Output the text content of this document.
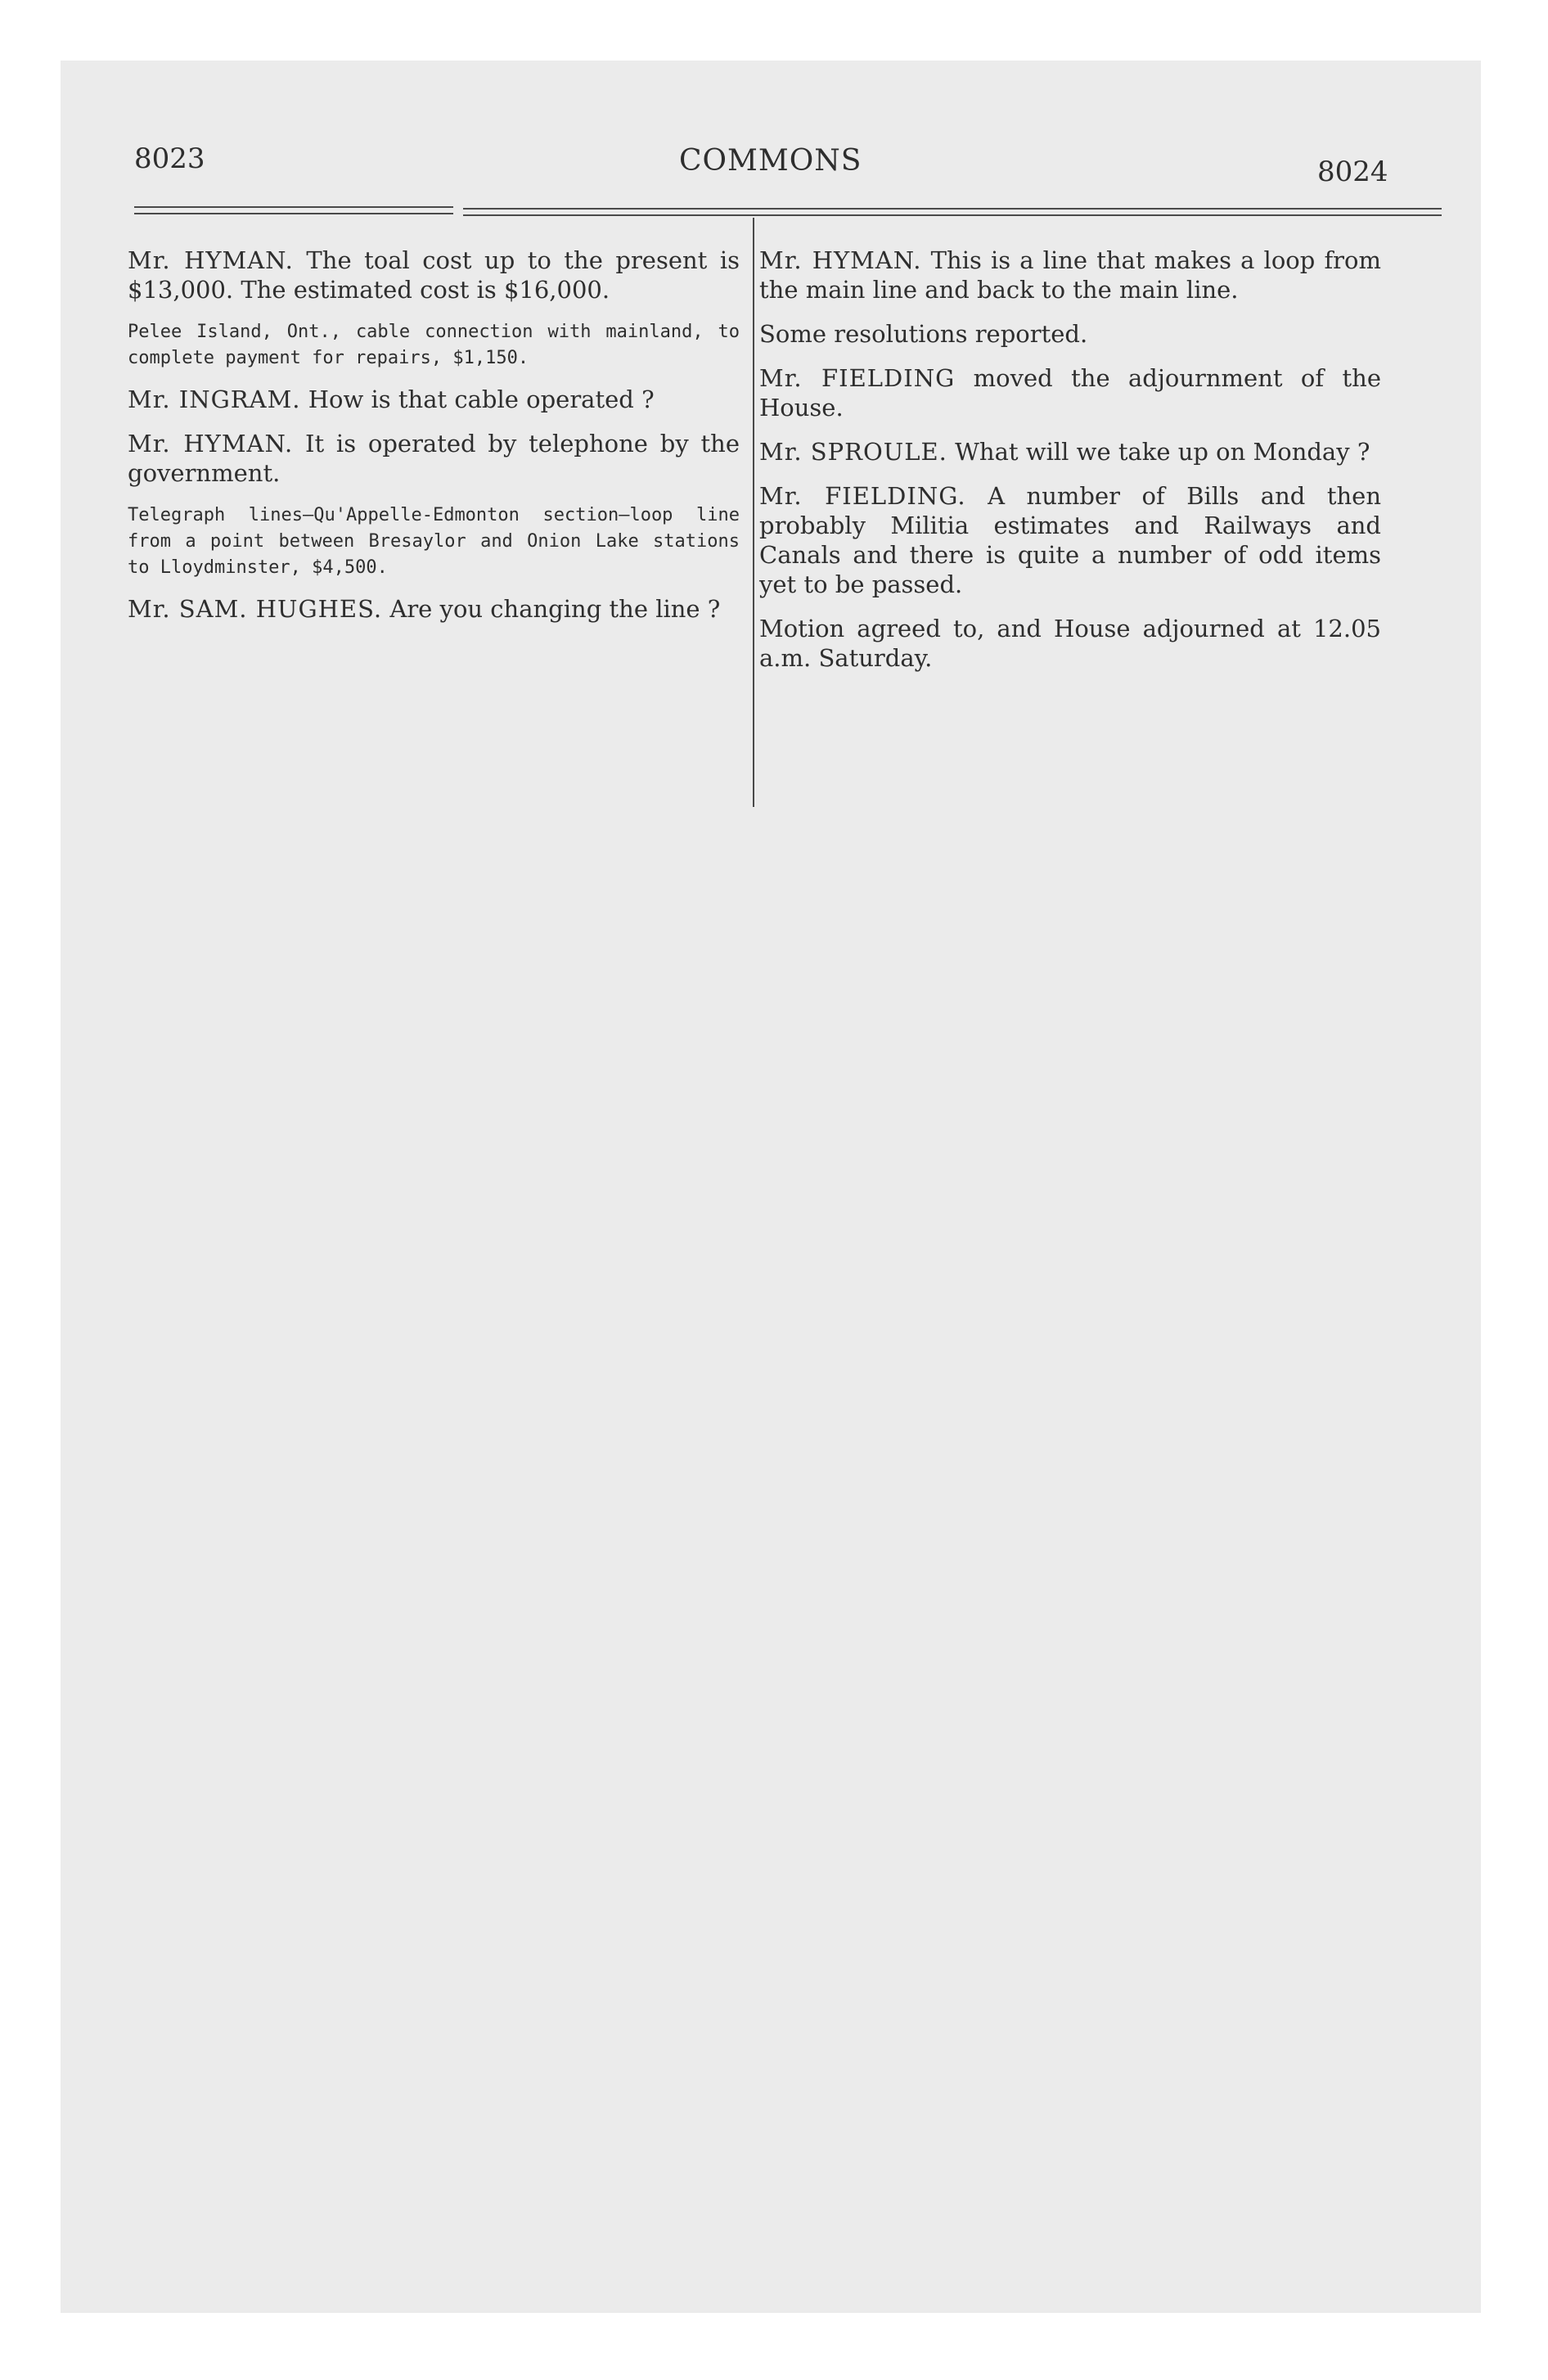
8023	COMMONS	8024

Mr. HYMAN. The toal cost up to the present is $13,000. The estimated cost is $16,000.

Pelee Island, Ont., cable connection with mainland, to complete payment for repairs, $1,150.

Mr. INGRAM. How is that cable operated ?

Mr. HYMAN. It is operated by telephone by the government.

Telegraph lines—Qu'Appelle-Edmonton section—loop line from a point between Bresaylor and Onion Lake stations to Lloydminster, $4,500.

Mr. SAM. HUGHES. Are you changing the line ?

Mr. HYMAN. This is a line that makes a loop from the main line and back to the main line.

Some resolutions reported.

Mr. FIELDING moved the adjournment of the House.

Mr. SPROULE. What will we take up on Monday ?

Mr. FIELDING. A number of Bills and then probably Militia estimates and Railways and Canals and there is quite a number of odd items yet to be passed.

Motion agreed to, and House adjourned at 12.05 a.m. Saturday.
